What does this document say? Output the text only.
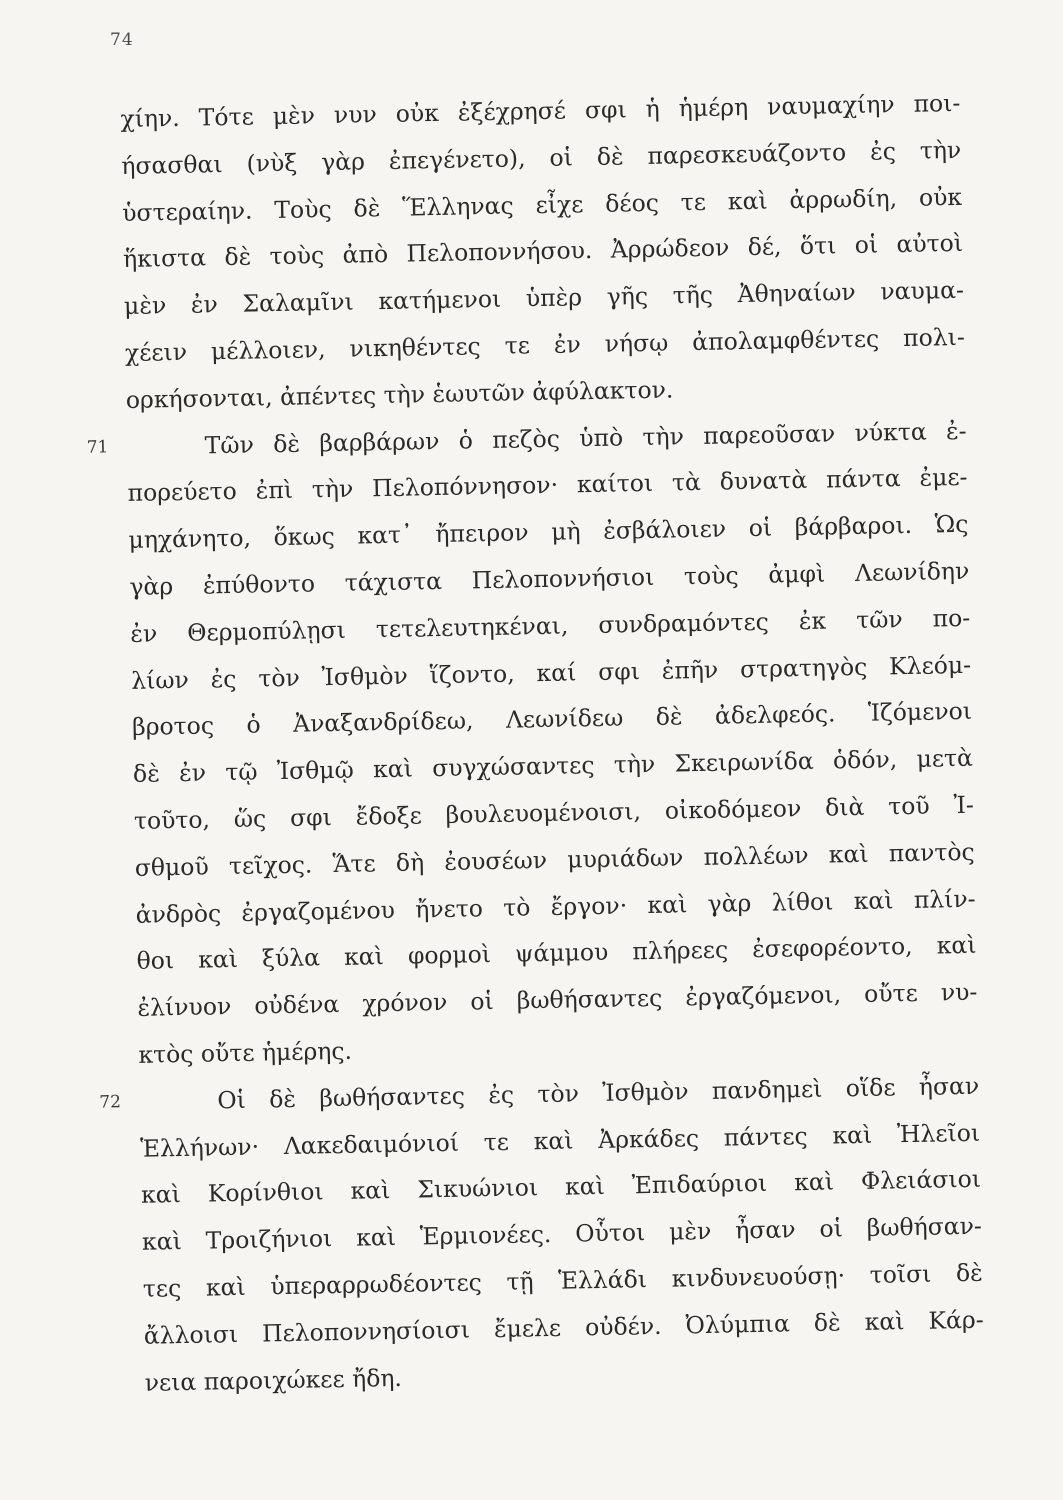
74
χίην. Τότε μὲν νυν οὐκ ἐξέχρησέ σφι ἡ ἡμέρη ναυμαχίην ποι-
ήσασθαι (νὺξ γὰρ ἐπεγένετο), οἱ δὲ παρεσκευάζοντο ἐς τὴν
ὑστεραίην. Τοὺς δὲ Ἕλληνας εἶχε δέος τε καὶ ἀρρωδίη, οὐκ
ἥκιστα δὲ τοὺς ἀπὸ Πελοποννήσου. Ἀρρώδεον δέ, ὅτι οἱ αὐτοὶ
μὲν ἐν Σαλαμῖνι κατήμενοι ὑπὲρ γῆς τῆς Ἀθηναίων ναυμα-
χέειν μέλλοιεν, νικηθέντες τε ἐν νήσῳ ἀπολαμφθέντες πολι-
ορκήσονται, ἀπέντες τὴν ἑωυτῶν ἀφύλακτον.
71	Τῶν δὲ βαρβάρων ὁ πεζὸς ὑπὸ τὴν παρεοῦσαν νύκτα ἐ-
πορεύετο ἐπὶ τὴν Πελοπόννησον· καίτοι τὰ δυνατὰ πάντα ἐμε-
μηχάνητο, ὅκως κατ᾽ ἤπειρον μὴ ἐσβάλοιεν οἱ βάρβαροι. Ὡς
γὰρ ἐπύθοντο τάχιστα Πελοποννήσιοι τοὺς ἀμφὶ Λεωνίδην
ἐν Θερμοπύλῃσι τετελευτηκέναι, συνδραμόντες ἐκ τῶν πο-
λίων ἐς τὸν Ἰσθμὸν ἵζοντο, καί σφι ἐπῆν στρατηγὸς Κλεόμ-
βροτος ὁ Ἀναξανδρίδεω, Λεωνίδεω δὲ ἀδελφεός. Ἱζόμενοι
δὲ ἐν τῷ Ἰσθμῷ καὶ συγχώσαντες τὴν Σκειρωνίδα ὁδόν, μετὰ
τοῦτο, ὥς σφι ἔδοξε βουλευομένοισι, οἰκοδόμεον διὰ τοῦ Ἰ-
σθμοῦ τεῖχος. Ἅτε δὴ ἐουσέων μυριάδων πολλέων καὶ παντὸς
ἀνδρὸς ἐργαζομένου ἤνετο τὸ ἔργον· καὶ γὰρ λίθοι καὶ πλίν-
θοι καὶ ξύλα καὶ φορμοὶ ψάμμου πλήρεες ἐσεφορέοντο, καὶ
ἐλίνυον οὐδένα χρόνον οἱ βωθήσαντες ἐργαζόμενοι, οὔτε νυ-
κτὸς οὔτε ἡμέρης.
72	Οἱ δὲ βωθήσαντες ἐς τὸν Ἰσθμὸν πανδημεὶ οἵδε ἦσαν
Ἑλλήνων· Λακεδαιμόνιοί τε καὶ Ἀρκάδες πάντες καὶ Ἠλεῖοι
καὶ Κορίνθιοι καὶ Σικυώνιοι καὶ Ἐπιδαύριοι καὶ Φλειάσιοι
καὶ Τροιζήνιοι καὶ Ἑρμιονέες. Οὗτοι μὲν ἦσαν οἱ βωθήσαν-
τες καὶ ὑπεραρρωδέοντες τῇ Ἑλλάδι κινδυνευούσῃ· τοῖσι δὲ
ἄλλοισι Πελοποννησίοισι ἔμελε οὐδέν. Ὀλύμπια δὲ καὶ Κάρ-
νεια παροιχώκεε ἤδη.
